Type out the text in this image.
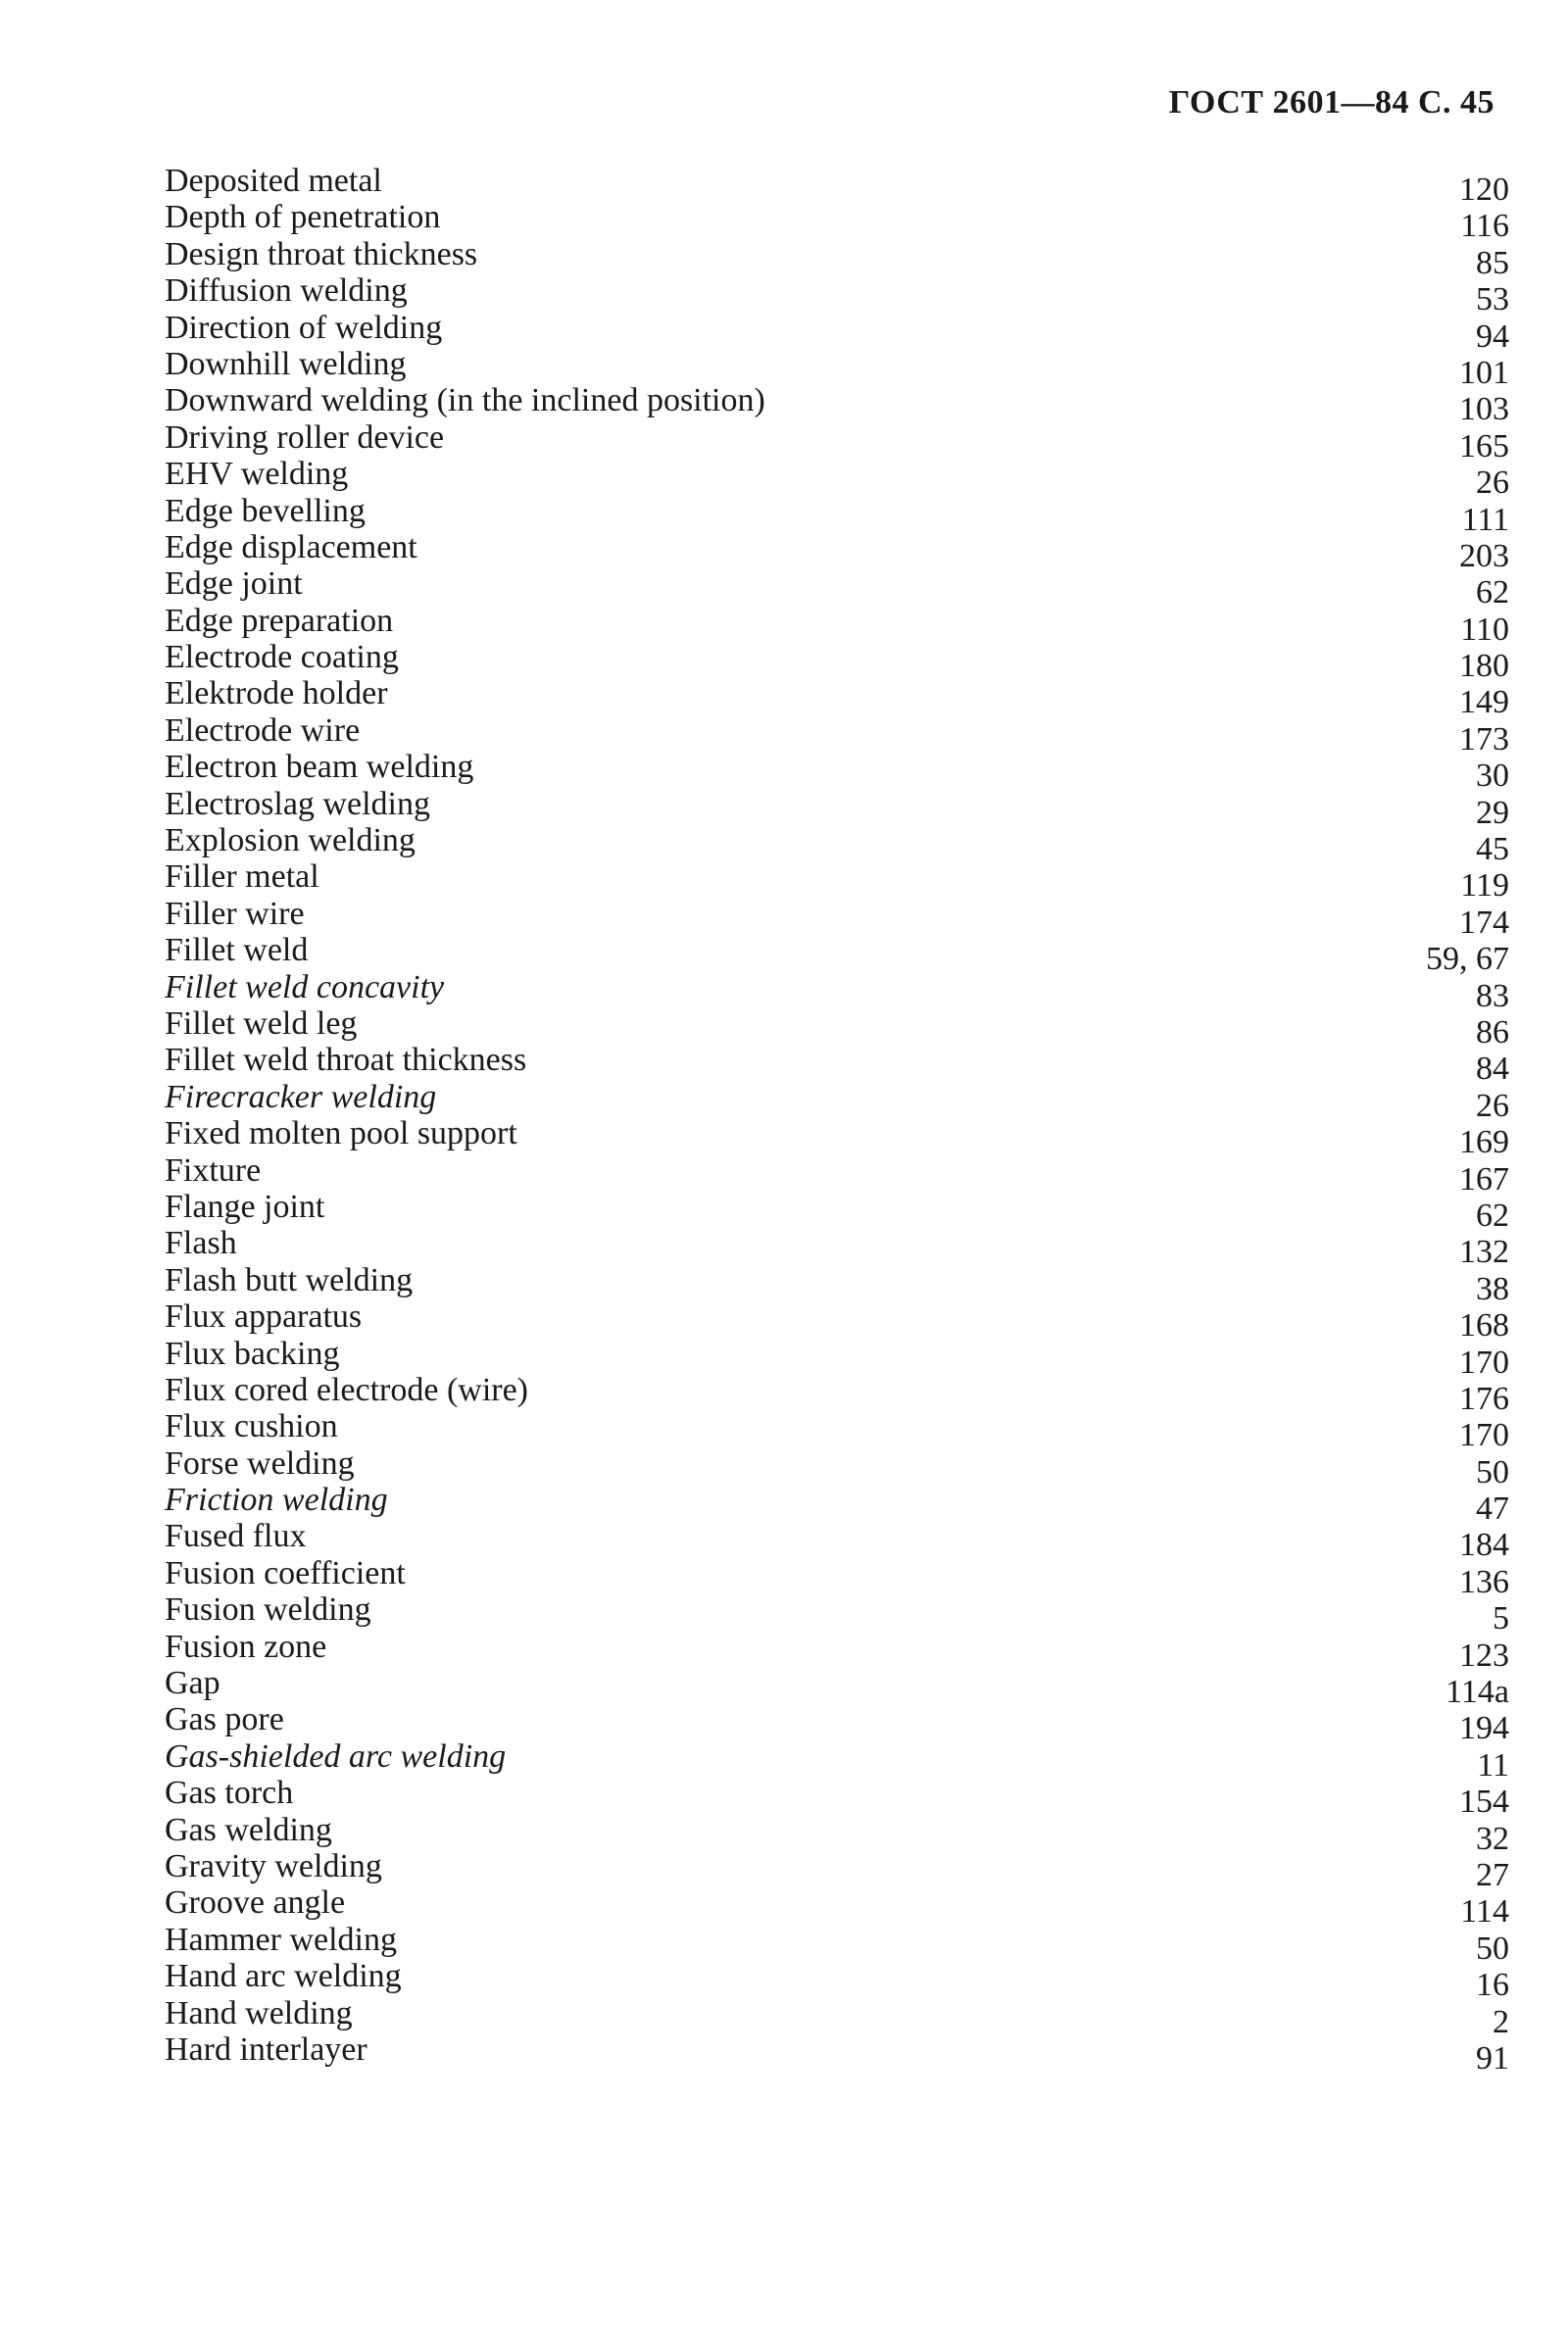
ГОСТ 2601—84 С. 45
Deposited metal	120
Depth of penetration	116
Design throat thickness	85
Diffusion welding	53
Direction of welding	94
Downhill welding	101
Downward welding (in the inclined position)	103
Driving roller device	165
EHV welding	26
Edge bevelling	111
Edge displacement	203
Edge joint	62
Edge preparation	110
Electrode coating	180
Elektrode holder	149
Electrode wire	173
Electron beam welding	30
Electroslag welding	29
Explosion welding	45
Filler metal	119
Filler wire	174
Fillet weld	59, 67
Fillet weld concavity	83
Fillet weld leg	86
Fillet weld throat thickness	84
Firecracker welding	26
Fixed molten pool support	169
Fixture	167
Flange joint	62
Flash	132
Flash butt welding	38
Flux apparatus	168
Flux backing	170
Flux cored electrode (wire)	176
Flux cushion	170
Forse welding	50
Friction welding	47
Fused flux	184
Fusion coefficient	136
Fusion welding	5
Fusion zone	123
Gap	114a
Gas pore	194
Gas-shielded arc welding	11
Gas torch	154
Gas welding	32
Gravity welding	27
Groove angle	114
Hammer welding	50
Hand arc welding	16
Hand welding	2
Hard interlayer	91
